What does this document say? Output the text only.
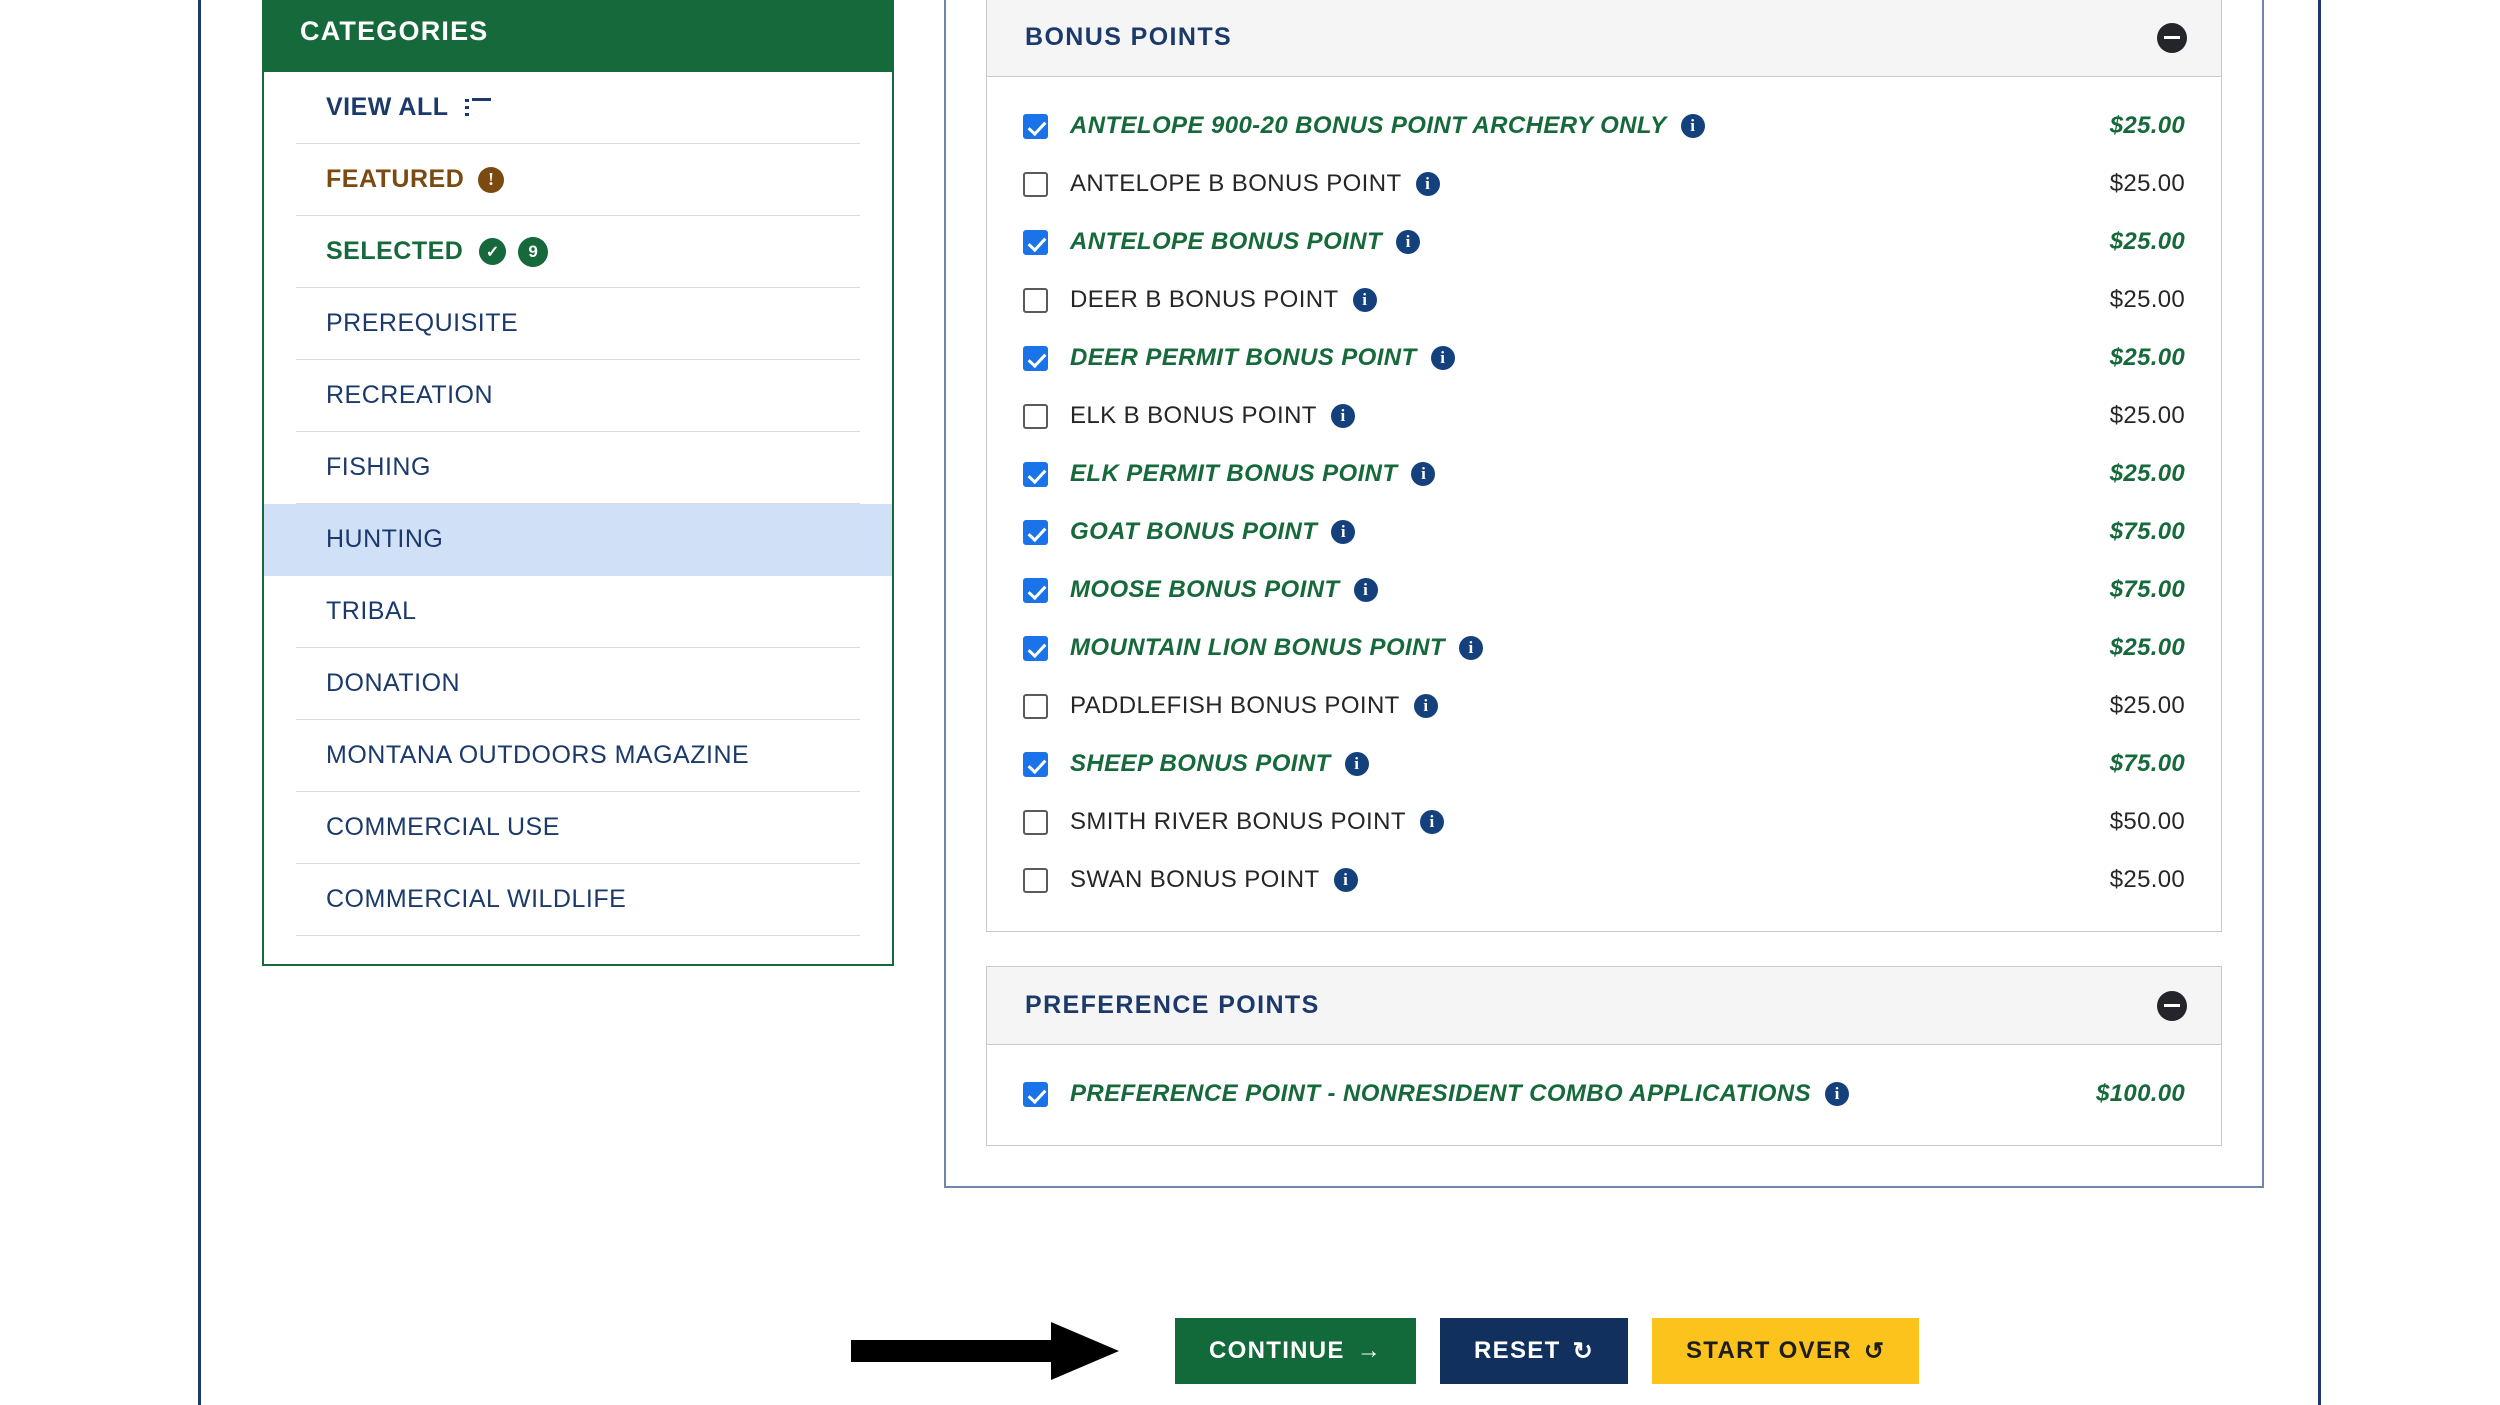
CATEGORIES
VIEW ALL
FEATURED	!
SELECTED	✓	9
PREREQUISITE
RECREATION
FISHING
HUNTING
TRIBAL
DONATION
MONTANA OUTDOORS MAGAZINE
COMMERCIAL USE
COMMERCIAL WILDLIFE
BONUS POINTS
ANTELOPE 900-20 BONUS POINT ARCHERY ONLY	i	$25.00
ANTELOPE B BONUS POINT	i	$25.00
ANTELOPE BONUS POINT	i	$25.00
DEER B BONUS POINT	i	$25.00
DEER PERMIT BONUS POINT	i	$25.00
ELK B BONUS POINT	i	$25.00
ELK PERMIT BONUS POINT	i	$25.00
GOAT BONUS POINT	i	$75.00
MOOSE BONUS POINT	i	$75.00
MOUNTAIN LION BONUS POINT	i	$25.00
PADDLEFISH BONUS POINT	i	$25.00
SHEEP BONUS POINT	i	$75.00
SMITH RIVER BONUS POINT	i	$50.00
SWAN BONUS POINT	i	$25.00
PREFERENCE POINTS
PREFERENCE POINT - NONRESIDENT COMBO APPLICATIONS	i	$100.00
CONTINUE →	RESET ↻	START OVER ↺
